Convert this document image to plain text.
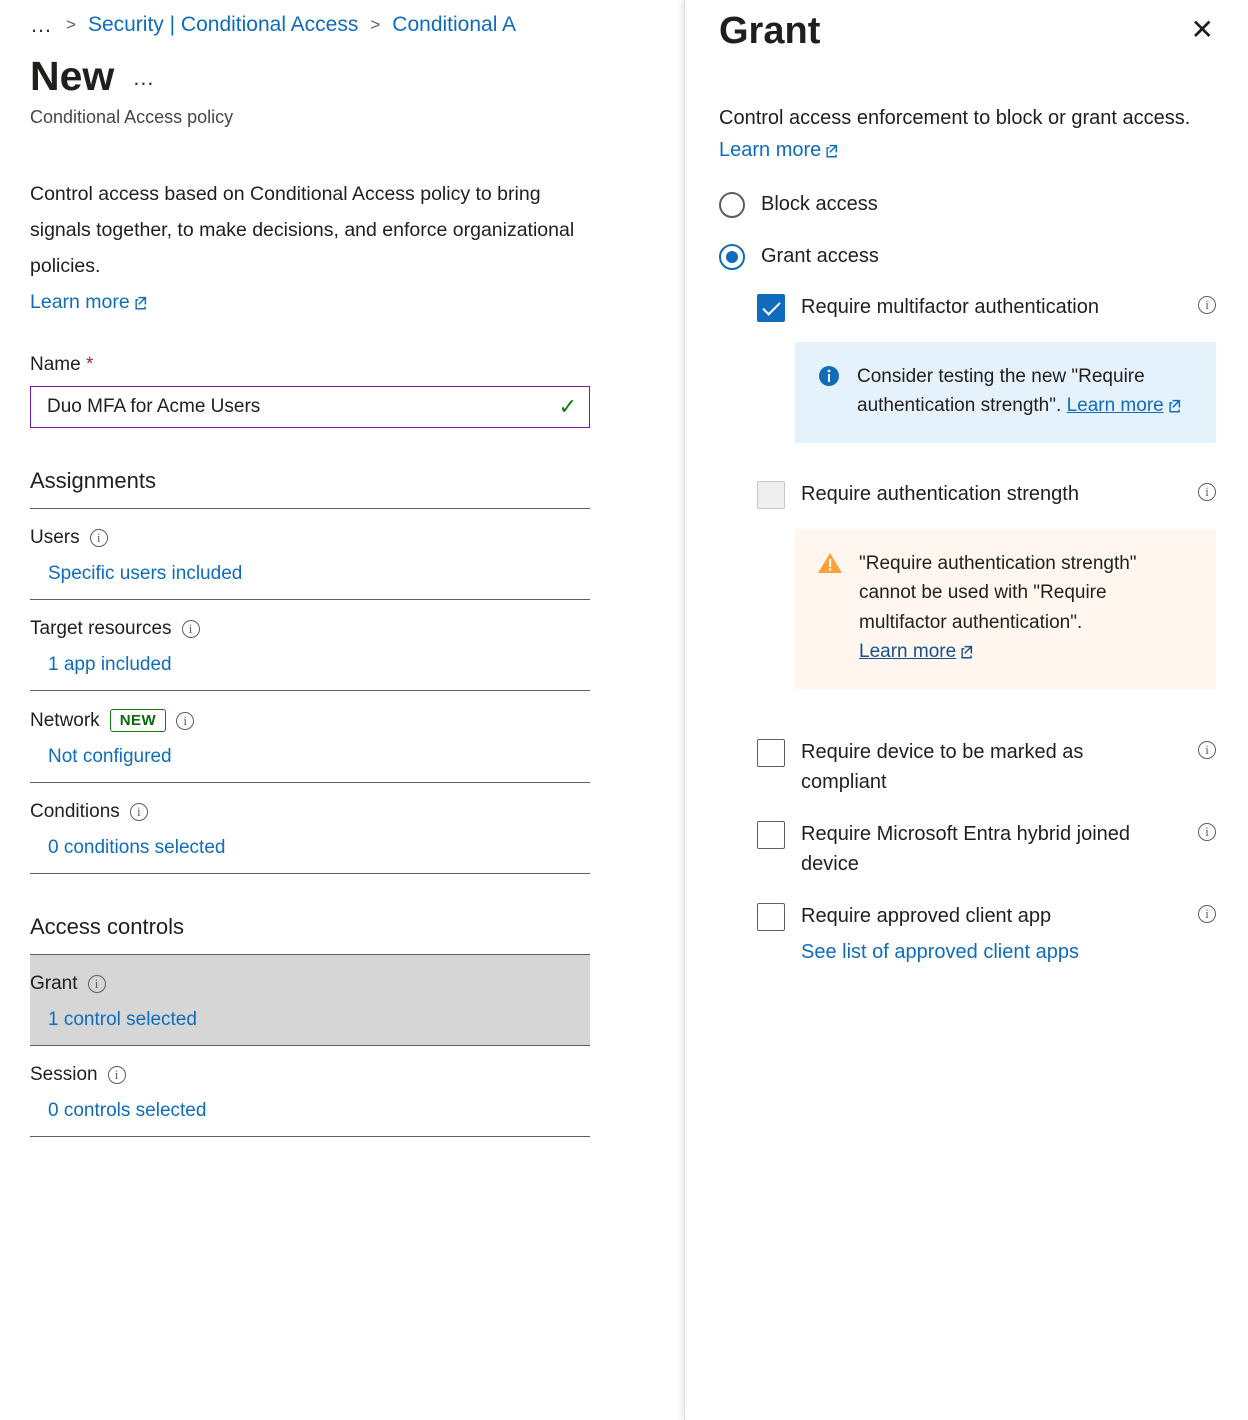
… > Security | Conditional Access > Conditional A
New …
Conditional Access policy
Control access based on Conditional Access policy to bring signals together, to make decisions, and enforce organizational policies.
Learn more
Name *
Duo MFA for Acme Users
✓
Assignments
Users	i
Specific users included
Target resources	i
1 app included
Network	NEW	i
Not configured
Conditions	i
0 conditions selected
Access controls
Grant	i
1 control selected
Session	i
0 controls selected
Grant	✕
Control access enforcement to block or grant access. Learn more
Block access
Grant access
Require multifactor authentication	i
Consider testing the new "Require authentication strength". Learn more
Require authentication strength	i
"Require authentication strength" cannot be used with "Require multifactor authentication".
Learn more
Require device to be marked as compliant
i
Require Microsoft Entra hybrid joined device
i
Require approved client app	i
See list of approved client apps
